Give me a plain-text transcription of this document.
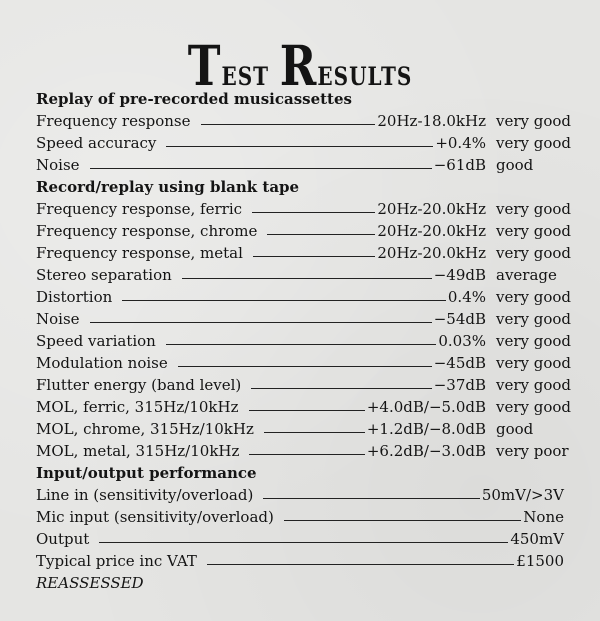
Test Results
Replay of pre-recorded musicassettes
Frequency response	20Hz-18.0kHz very good
Speed accuracy	+0.4% very good
Noise	−61dB good
Record/replay using blank tape
Frequency response, ferric	20Hz-20.0kHz very good
Frequency response, chrome	20Hz-20.0kHz very good
Frequency response, metal	20Hz-20.0kHz very good
Stereo separation	−49dB average
Distortion	0.4% very good
Noise	−54dB very good
Speed variation	0.03% very good
Modulation noise	−45dB very good
Flutter energy (band level)	−37dB very good
MOL, ferric, 315Hz/10kHz	+4.0dB/−5.0dB very good
MOL, chrome, 315Hz/10kHz	+1.2dB/−8.0dB good
MOL, metal, 315Hz/10kHz	+6.2dB/−3.0dB very poor
Input/output performance
Line in (sensitivity/overload)	50mV/>3V
Mic input (sensitivity/overload)	None
Output	450mV
Typical price inc VAT	£1500
REASSESSED
